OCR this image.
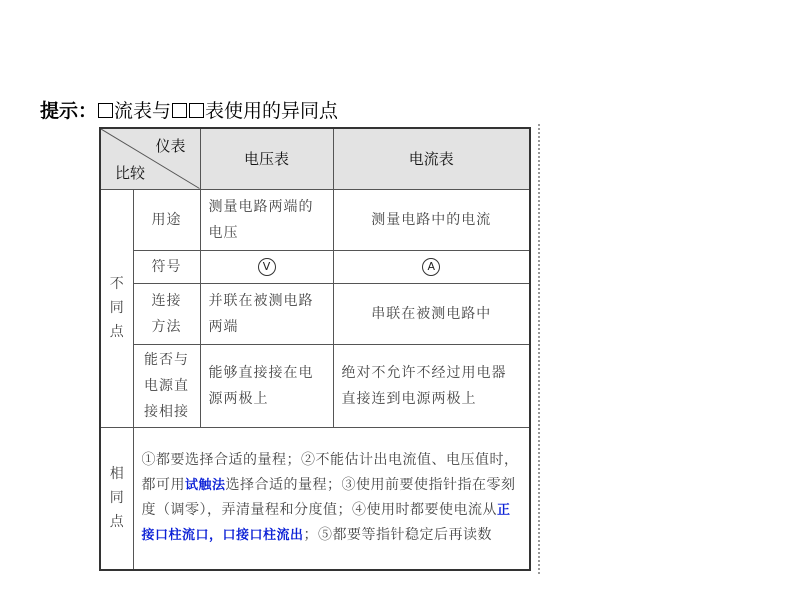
提示： 流表与 表使用的异同点
仪表
比较		电压表	电流表

不
同
点	用途	测量电路两端的电压	测量电路中的电流
	符号	V	A
	连接方法	并联在被测电路两端	串联在被测电路中
	能否与电源直接相接	能够直接接在电源两极上	绝对不允许不经过用电器直接连到电源两极上

相
同
点	①都要选择合适的量程；②不能估计出电流值、电压值时，都可用试触法选择合适的量程；③使用前要使指针指在零刻度（调零），弄清量程和分度值；④使用时都要使电流从正接口柱流口，口接口柱流出；⑤都要等指针稳定后再读数		
